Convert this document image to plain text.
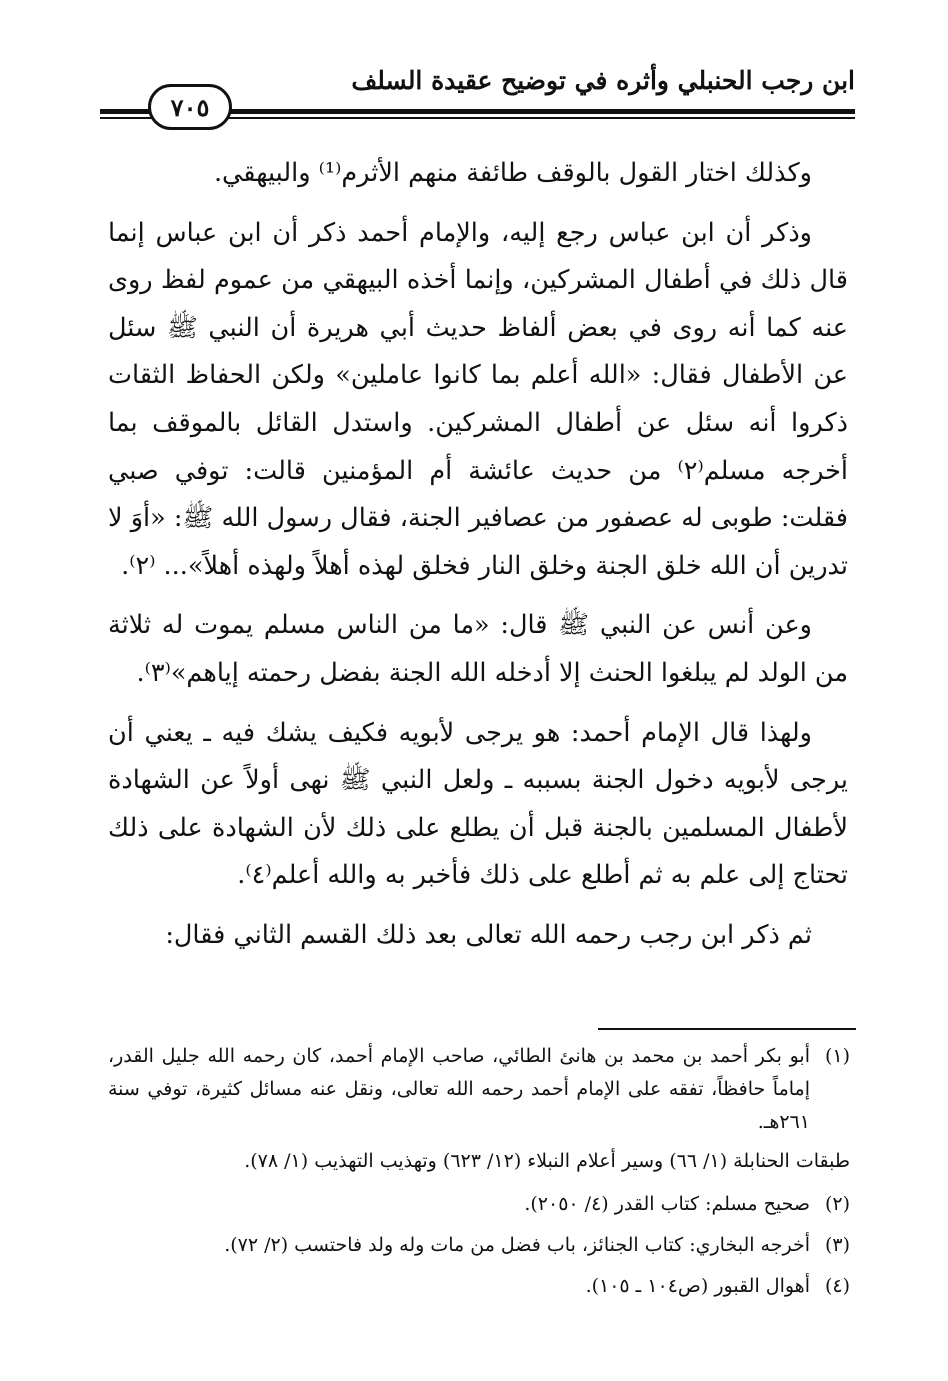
ابن رجب الحنبلي وأثره في توضيح عقيدة السلف
٧٠٥

وكذلك اختار القول بالوقف طائفة منهم الأثرم⁽¹⁾ والبيهقي.

وذكر أن ابن عباس رجع إليه، والإمام أحمد ذكر أن ابن عباس إنما قال ذلك في أطفال المشركين، وإنما أخذه البيهقي من عموم لفظ روى عنه كما أنه روى في بعض ألفاظ حديث أبي هريرة أن النبي ﷺ سئل عن الأطفال فقال: «الله أعلم بما كانوا عاملين» ولكن الحفاظ الثقات ذكروا أنه سئل عن أطفال المشركين. واستدل القائل بالموقف بما أخرجه مسلم⁽٢⁾ من حديث عائشة أم المؤمنين قالت: توفي صبي فقلت: طوبى له عصفور من عصافير الجنة، فقال رسول الله ﷺ: «أوَ لا تدرين أن الله خلق الجنة وخلق النار فخلق لهذه أهلاً ولهذه أهلاً»... ⁽٢⁾.

وعن أنس عن النبي ﷺ قال: «ما من الناس مسلم يموت له ثلاثة من الولد لم يبلغوا الحنث إلا أدخله الله الجنة بفضل رحمته إياهم»⁽٣⁾.

ولهذا قال الإمام أحمد: هو يرجى لأبويه فكيف يشك فيه ـ يعني أن يرجى لأبويه دخول الجنة بسببه ـ ولعل النبي ﷺ نهى أولاً عن الشهادة لأطفال المسلمين بالجنة قبل أن يطلع على ذلك لأن الشهادة على ذلك تحتاج إلى علم به ثم أطلع على ذلك فأخبر به والله أعلم⁽٤⁾.

ثم ذكر ابن رجب رحمه الله تعالى بعد ذلك القسم الثاني فقال:

(١)
أبو بكر أحمد بن محمد بن هانئ الطائي، صاحب الإمام أحمد، كان رحمه الله جليل القدر، إماماً حافظاً، تفقه على الإمام أحمد رحمه الله تعالى، ونقل عنه مسائل كثيرة، توفي سنة ٢٦١هـ.
طبقات الحنابلة (١/ ٦٦) وسير أعلام النبلاء (١٢/ ٦٢٣) وتهذيب التهذيب (١/ ٧٨).
(٢)
صحيح مسلم: كتاب القدر (٤/ ٢٠٥٠).
(٣)
أخرجه البخاري: كتاب الجنائز، باب فضل من مات وله ولد فاحتسب (٢/ ٧٢).
(٤)
أهوال القبور (ص١٠٤ ـ ١٠٥).
